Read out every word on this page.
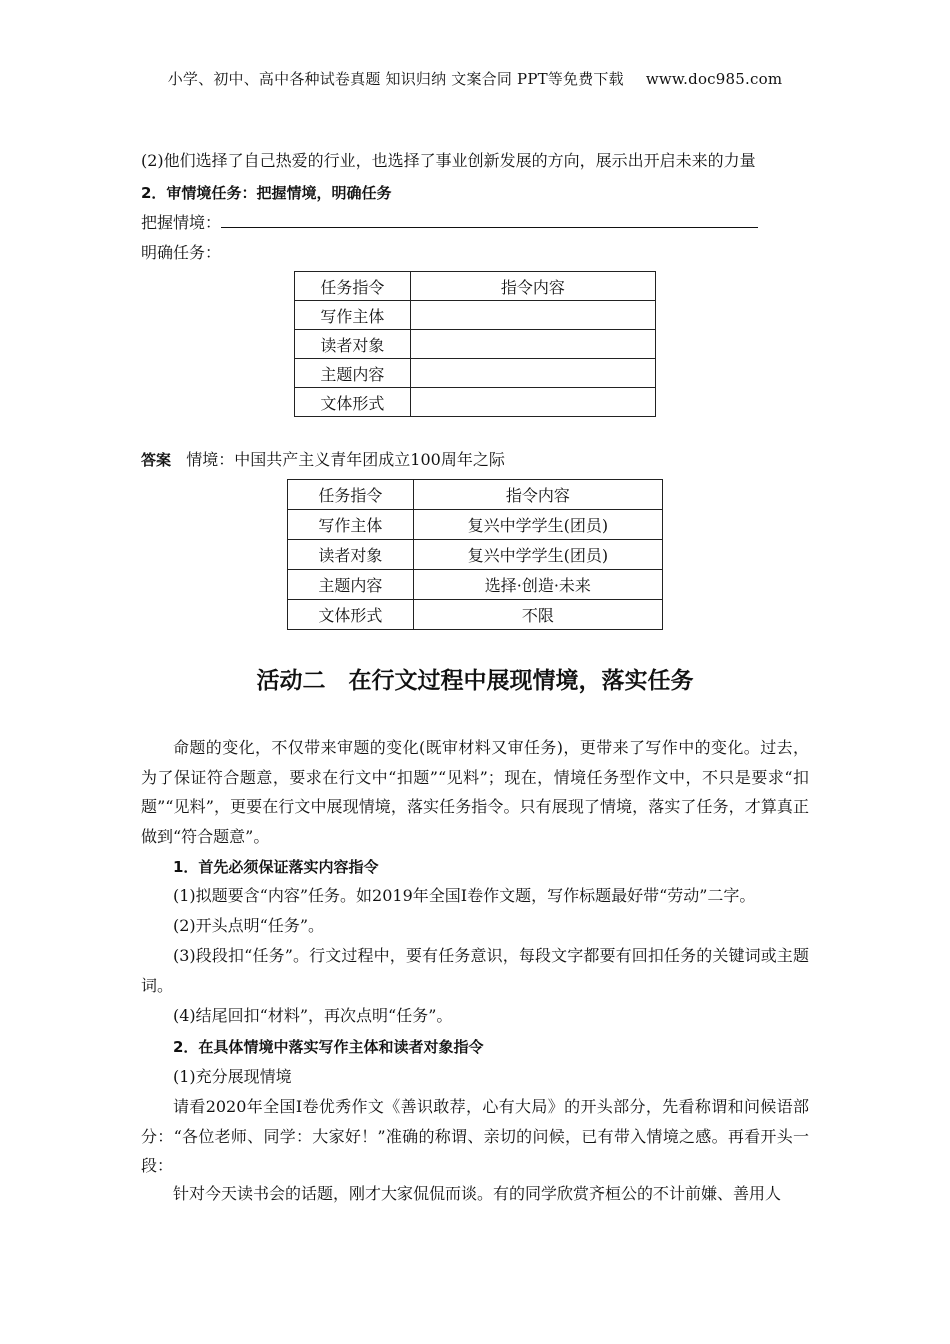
小学、初中、高中各种试卷真题 知识归纳 文案合同 PPT等免费下载 www.doc985.com
(2)他们选择了自己热爱的行业，也选择了事业创新发展的方向，展示出开启未来的力量
2．审情境任务：把握情境，明确任务
把握情境：
明确任务：
任务指令	指令内容
写作主体	
读者对象	
主题内容	
文体形式	
答案 情境：中国共产主义青年团成立100周年之际
任务指令	指令内容
写作主体	复兴中学学生(团员)
读者对象	复兴中学学生(团员)
主题内容	选择·创造·未来
文体形式	不限
活动二　在行文过程中展现情境，落实任务
命题的变化，不仅带来审题的变化(既审材料又审任务)，更带来了写作中的变化。过去，为了保证符合题意，要求在行文中“扣题”“见料”；现在，情境任务型作文中，不只是要求“扣题”“见料”，更要在行文中展现情境，落实任务指令。只有展现了情境，落实了任务，才算真正做到“符合题意”。
1．首先必须保证落实内容指令
(1)拟题要含“内容”任务。如2019年全国Ⅰ卷作文题，写作标题最好带“劳动”二字。
(2)开头点明“任务”。
(3)段段扣“任务”。行文过程中，要有任务意识，每段文字都要有回扣任务的关键词或主题词。
(4)结尾回扣“材料”，再次点明“任务”。
2．在具体情境中落实写作主体和读者对象指令
(1)充分展现情境
请看2020年全国Ⅰ卷优秀作文《善识敢荐，心有大局》的开头部分，先看称谓和问候语部分：“各位老师、同学：大家好！”准确的称谓、亲切的问候，已有带入情境之感。再看开头一段：
针对今天读书会的话题，刚才大家侃侃而谈。有的同学欣赏齐桓公的不计前嫌、善用人
